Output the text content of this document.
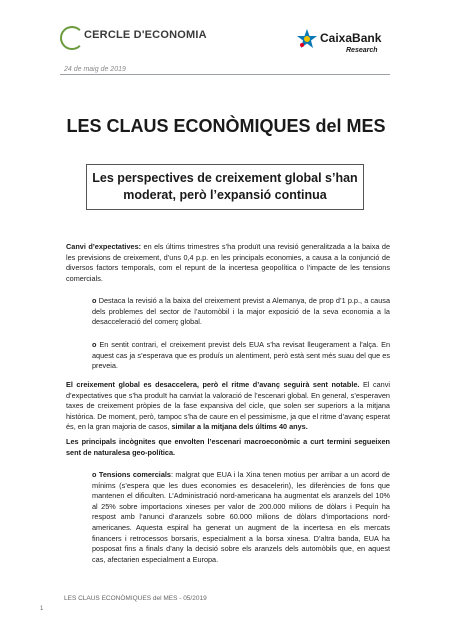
CERCLE D'ECONOMIA	CaixaBank
Research
24 de maig de 2019
LES CLAUS ECONÒMIQUES del MES
Les perspectives de creixement global s’han
moderat, però l’expansió continua
Canvi d’expectatives: en els últims trimestres s’ha produït una revisió generalitzada a la baixa de les previsions de creixement, d’uns 0,4 p.p. en les principals economies, a causa a la conjunció de diversos factors temporals, com el repunt de la incertesa geopolítica o l’impacte de les tensions comercials.
o Destaca la revisió a la baixa del creixement previst a Alemanya, de prop d’1 p.p., a causa dels problemes del sector de l’automòbil i la major exposició de la seva economia a la desacceleració del comerç global.
o En sentit contrari, el creixement previst dels EUA s’ha revisat lleugerament a l’alça. En aquest cas ja s’esperava que es produís un alentiment, però està sent més suau del que es preveia.
El creixement global es desaccelera, però el ritme d’avanç seguirà sent notable. El canvi d’expectatives que s’ha produït ha canviat la valoració de l’escenari global. En general, s’esperaven taxes de creixement pròpies de la fase expansiva del cicle, que solen ser superiors a la mitjana històrica. De moment, però, tampoc s’ha de caure en el pessimisme, ja que el ritme d’avanç esperat és, en la gran majoria de casos, similar a la mitjana dels últims 40 anys.
Les principals incògnites que envolten l’escenari macroeconòmic a curt termini segueixen sent de naturalesa geo-política.
o Tensions comercials: malgrat que EUA i la Xina tenen motius per arribar a un acord de mínims (s’espera que les dues economies es desacelerin), les diferències de fons que mantenen el dificulten. L’Administració nord-americana ha augmentat els aranzels del 10% al 25% sobre importacions xineses per valor de 200.000 milions de dòlars i Pequín ha respost amb l’anunci d’aranzels sobre 60.000 milions de dòlars d’importacions nord-americanes. Aquesta espiral ha generat un augment de la incertesa en els mercats financers i retrocessos borsaris, especialment a la borsa xinesa. D’altra banda, EUA ha posposat fins a finals d’any la decisió sobre els aranzels dels automòbils que, en aquest cas, afectarien especialment a Europa.
LES CLAUS ECONÒMIQUES del MES - 05/2019
1
